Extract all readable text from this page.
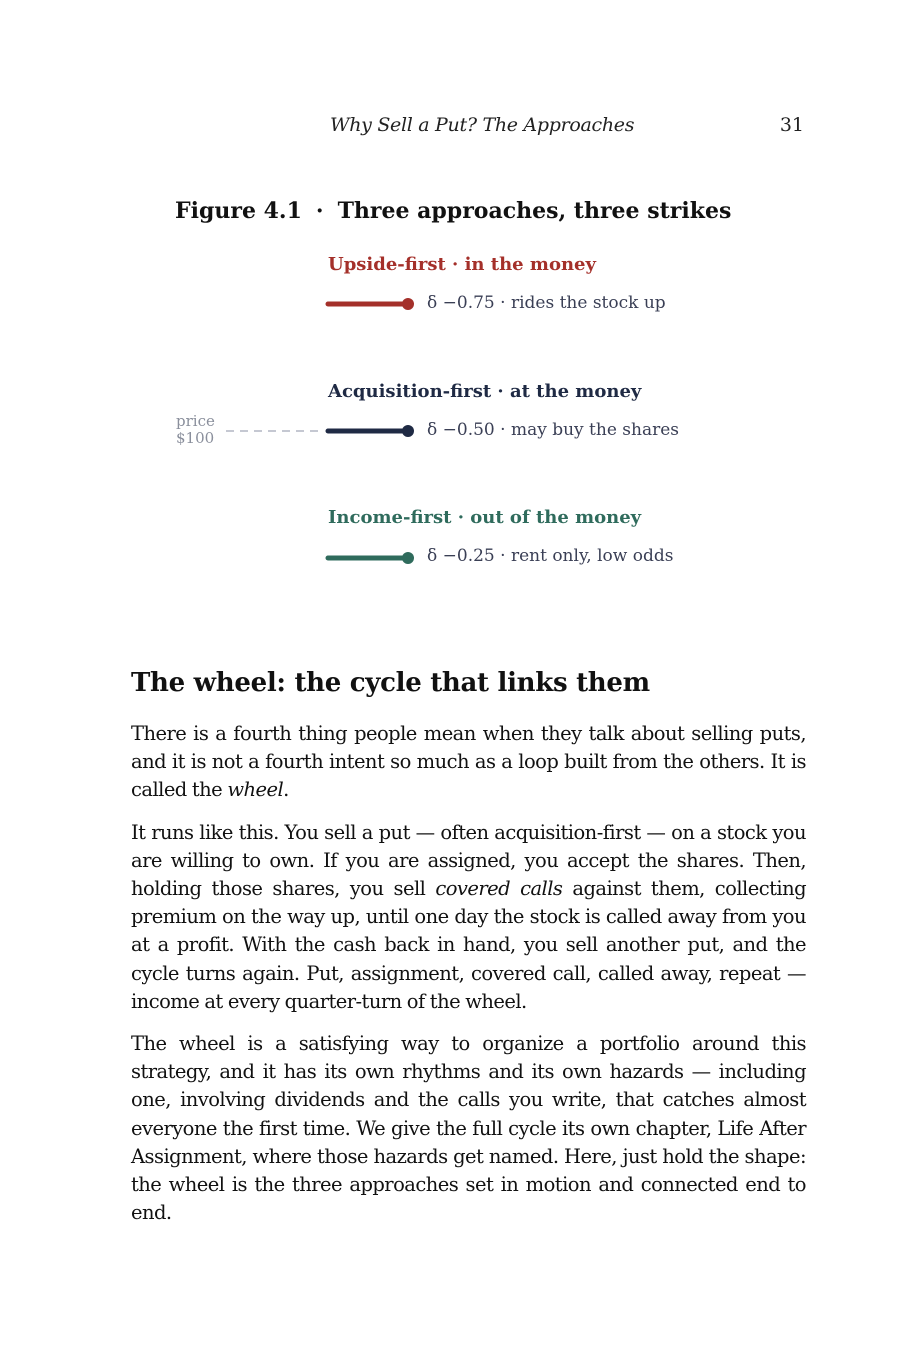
Why Sell a Put? The Approaches	31
Figure 4.1 · Three approaches, three strikes
price
$100
Upside-first · in the money
δ −0.75 · rides the stock up
Acquisition-first · at the money
δ −0.50 · may buy the shares
Income-first · out of the money
δ −0.25 · rent only, low odds
The wheel: the cycle that links them

There is a fourth thing people mean when they talk about selling puts, and it is not a fourth intent so much as a loop built from the others. It is called the wheel.

It runs like this. You sell a put — often acquisition-first — on a stock you are willing to own. If you are assigned, you accept the shares. Then, holding those shares, you sell covered calls against them, collecting premium on the way up, until one day the stock is called away from you at a profit. With the cash back in hand, you sell another put, and the cycle turns again. Put, assignment, covered call, called away, repeat — income at every quarter-turn of the wheel.

The wheel is a satisfying way to organize a portfolio around this strategy, and it has its own rhythms and its own hazards — including one, involving dividends and the calls you write, that catches almost everyone the first time. We give the full cycle its own chapter, Life After Assignment, where those hazards get named. Here, just hold the shape: the wheel is the three approaches set in motion and connected end to end.
